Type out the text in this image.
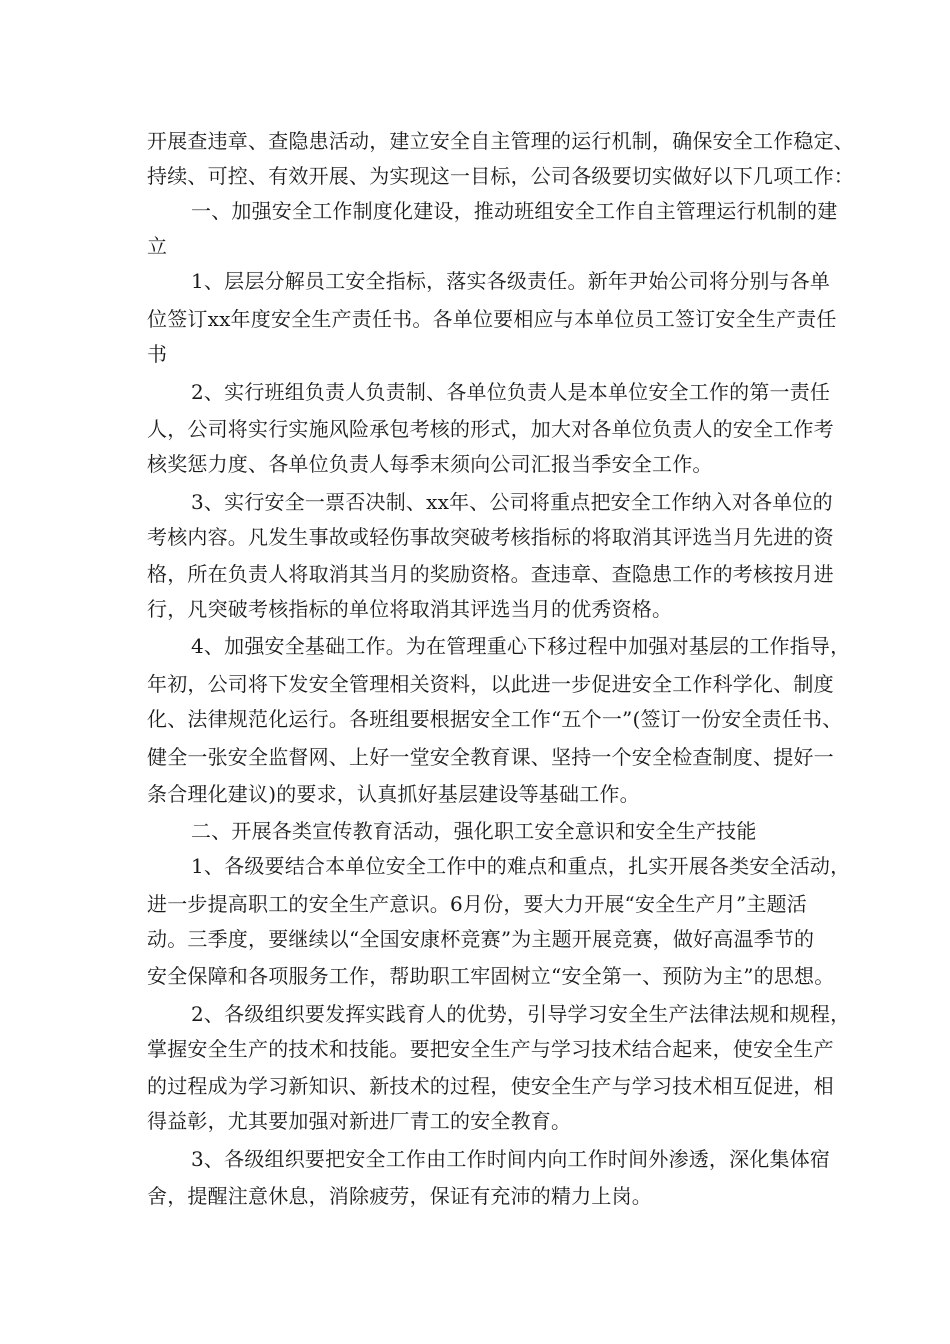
开展查违章、查隐患活动，建立安全自主管理的运行机制，确保安全工作稳定、
持续、可控、有效开展、为实现这一目标，公司各级要切实做好以下几项工作：
一、加强安全工作制度化建设，推动班组安全工作自主管理运行机制的建
立
1、层层分解员工安全指标，落实各级责任。新年尹始公司将分别与各单
位签订xx年度安全生产责任书。各单位要相应与本单位员工签订安全生产责任
书
2、实行班组负责人负责制、各单位负责人是本单位安全工作的第一责任
人，公司将实行实施风险承包考核的形式，加大对各单位负责人的安全工作考
核奖惩力度、各单位负责人每季末须向公司汇报当季安全工作。
3、实行安全一票否决制、xx年、公司将重点把安全工作纳入对各单位的
考核内容。凡发生事故或轻伤事故突破考核指标的将取消其评选当月先进的资
格，所在负责人将取消其当月的奖励资格。查违章、查隐患工作的考核按月进
行，凡突破考核指标的单位将取消其评选当月的优秀资格。
4、加强安全基础工作。为在管理重心下移过程中加强对基层的工作指导，
年初，公司将下发安全管理相关资料，以此进一步促进安全工作科学化、制度
化、法律规范化运行。各班组要根据安全工作“五个一”(签订一份安全责任书、
健全一张安全监督网、上好一堂安全教育课、坚持一个安全检查制度、提好一
条合理化建议)的要求，认真抓好基层建设等基础工作。
二、开展各类宣传教育活动，强化职工安全意识和安全生产技能
1、各级要结合本单位安全工作中的难点和重点，扎实开展各类安全活动，
进一步提高职工的安全生产意识。6月份，要大力开展“安全生产月”主题活
动。三季度，要继续以“全国安康杯竞赛”为主题开展竞赛，做好高温季节的
安全保障和各项服务工作，帮助职工牢固树立“安全第一、预防为主”的思想。
2、各级组织要发挥实践育人的优势，引导学习安全生产法律法规和规程，
掌握安全生产的技术和技能。要把安全生产与学习技术结合起来，使安全生产
的过程成为学习新知识、新技术的过程，使安全生产与学习技术相互促进，相
得益彰，尤其要加强对新进厂青工的安全教育。
3、各级组织要把安全工作由工作时间内向工作时间外渗透，深化集体宿
舍，提醒注意休息，消除疲劳，保证有充沛的精力上岗。
